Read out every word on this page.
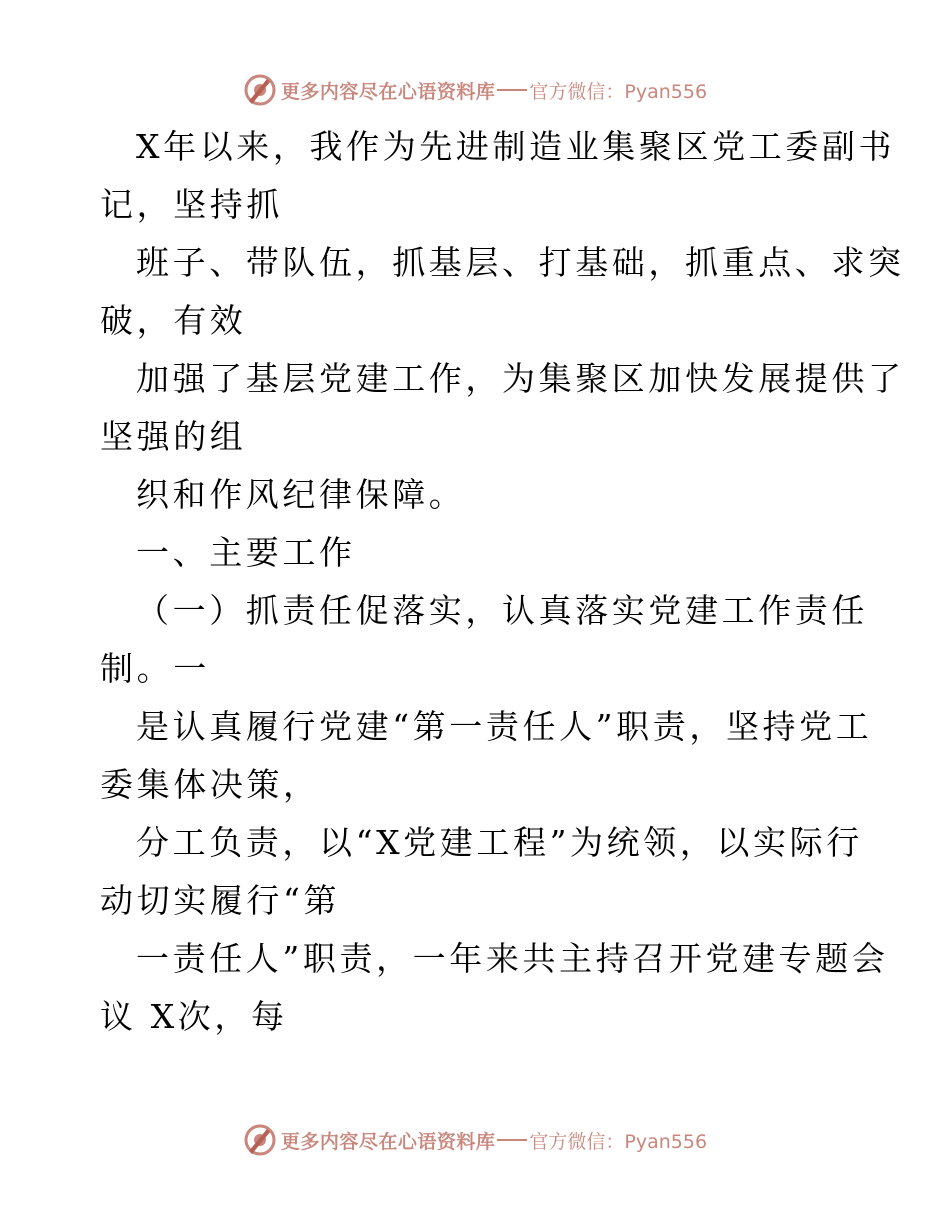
更多内容尽在心语资料库 官方微信：Pyan556
X年以来，我作为先进制造业集聚区党工委副书
记，坚持抓
班子、带队伍，抓基层、打基础，抓重点、求突
破，有效
加强了基层党建工作，为集聚区加快发展提供了
坚强的组
织和作风纪律保障。
一、主要工作
（一）抓责任促落实，认真落实党建工作责任
制。一
是认真履行党建“第一责任人”职责，坚持党工
委集体决策，
分工负责，以“X党建工程”为统领，以实际行
动切实履行“第
一责任人”职责，一年来共主持召开党建专题会
议 X次，每
更多内容尽在心语资料库 官方微信：Pyan556
